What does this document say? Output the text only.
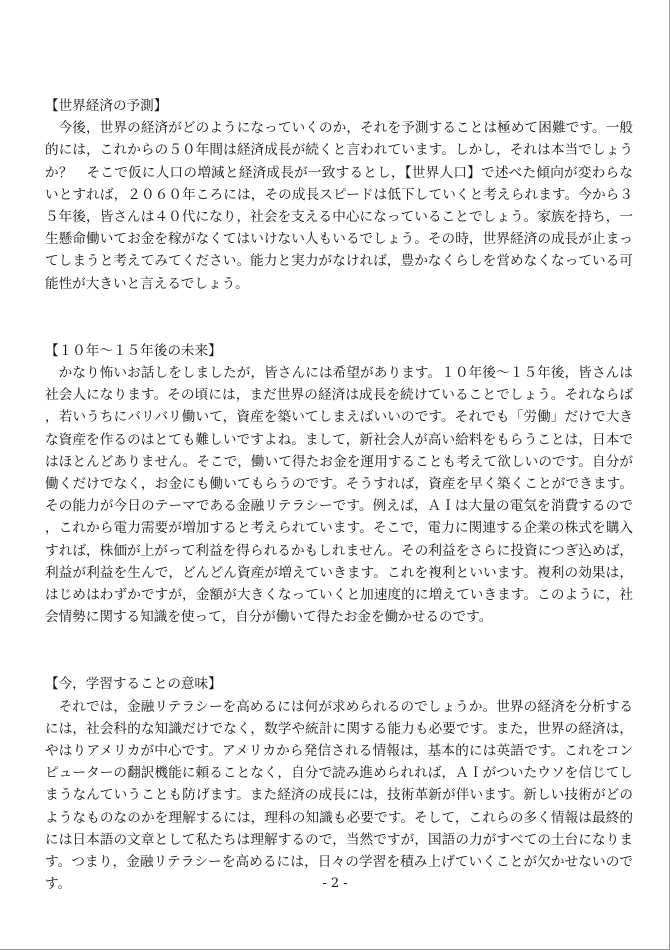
【世界経済の予測】

今後，世界の経済がどのようになっていくのか，それを予測することは極めて困難です。一般的には，これからの５０年間は経済成長が続くと言われています。しかし，それは本当でしょうか？　そこで仮に人口の増減と経済成長が一致するとし，【世界人口】で述べた傾向が変わらないとすれば，２０６０年ころには，その成長スピードは低下していくと考えられます。今から３５年後，皆さんは４０代になり，社会を支える中心になっていることでしょう。家族を持ち，一生懸命働いてお金を稼がなくてはいけない人もいるでしょう。その時，世界経済の成長が止まってしまうと考えてみてください。能力と実力がなければ，豊かなくらしを営めなくなっている可能性が大きいと言えるでしょう。

【１０年～１５年後の未来】

かなり怖いお話しをしましたが，皆さんには希望があります。１０年後～１５年後，皆さんは社会人になります。その頃には，まだ世界の経済は成長を続けていることでしょう。それならば，若いうちにバリバリ働いて，資産を築いてしまえばいいのです。それでも「労働」だけで大きな資産を作るのはとても難しいですよね。まして，新社会人が高い給料をもらうことは，日本ではほとんどありません。そこで，働いて得たお金を運用することも考えて欲しいのです。自分が働くだけでなく，お金にも働いてもらうのです。そうすれば，資産を早く築くことができます。その能力が今日のテーマである金融リテラシーです。例えば，ＡＩは大量の電気を消費するので，これから電力需要が増加すると考えられています。そこで，電力に関連する企業の株式を購入すれば，株価が上がって利益を得られるかもしれません。その利益をさらに投資につぎ込めば，利益が利益を生んで，どんどん資産が増えていきます。これを複利といいます。複利の効果は，はじめはわずかですが，金額が大きくなっていくと加速度的に増えていきます。このように，社会情勢に関する知識を使って，自分が働いて得たお金を働かせるのです。

【今，学習することの意味】

それでは，金融リテラシーを高めるには何が求められるのでしょうか。世界の経済を分析するには，社会科的な知識だけでなく，数学や統計に関する能力も必要です。また，世界の経済は，やはりアメリカが中心です。アメリカから発信される情報は，基本的には英語です。これをコンピューターの翻訳機能に頼ることなく，自分で読み進められれば，ＡＩがついたウソを信じてしまうなんていうことも防げます。また経済の成長には，技術革新が伴います。新しい技術がどのようなものなのかを理解するには，理科の知識も必要です。そして，これらの多く情報は最終的には日本語の文章として私たちは理解するので，当然ですが，国語の力がすべての土台になります。つまり，金融リテラシーを高めるには，日々の学習を積み上げていくことが欠かせないのです。	- 2 -
